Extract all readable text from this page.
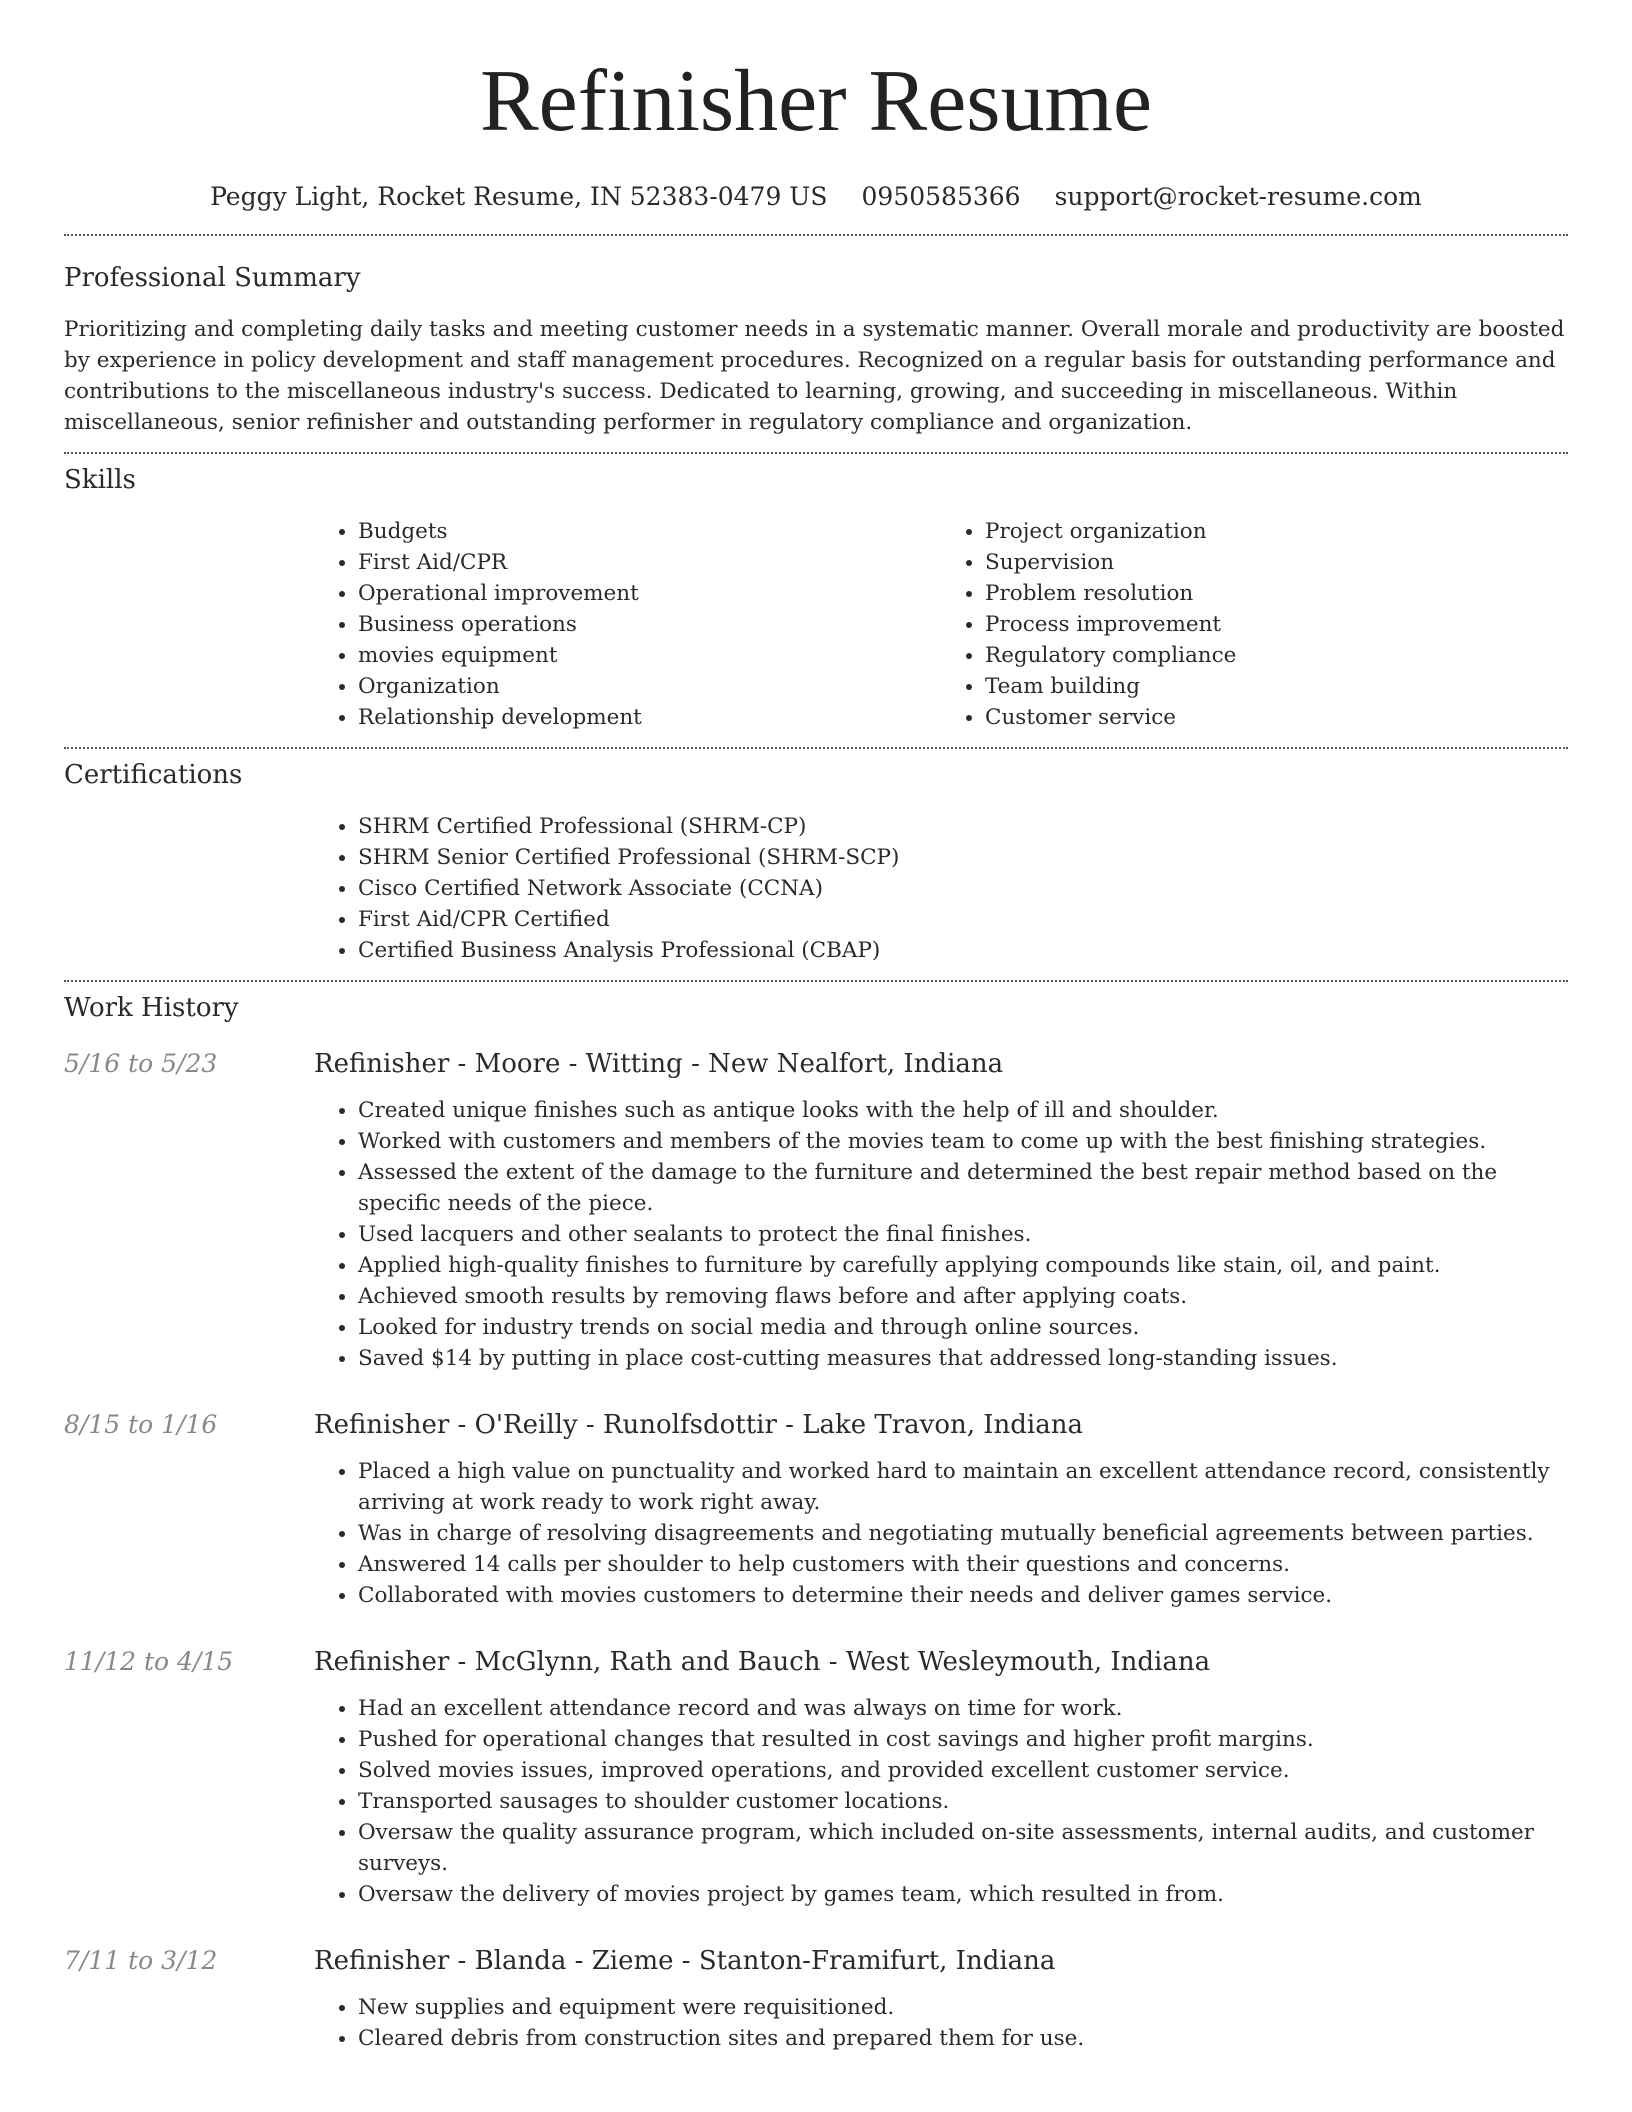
Refinisher Resume
Peggy Light, Rocket Resume, IN 52383-0479 US 0950585366 support@rocket-resume.com
Professional Summary

Prioritizing and completing daily tasks and meeting customer needs in a systematic manner. Overall morale and productivity are boosted by experience in policy development and staff management procedures. Recognized on a regular basis for outstanding performance and contributions to the miscellaneous industry's success. Dedicated to learning, growing, and succeeding in miscellaneous. Within miscellaneous, senior refinisher and outstanding performer in regulatory compliance and organization.

Skills
• Budgets
• First Aid/CPR
• Operational improvement
• Business operations
• movies equipment
• Organization
• Relationship development
• Project organization
• Supervision
• Problem resolution
• Process improvement
• Regulatory compliance
• Team building
• Customer service
Certifications
• SHRM Certified Professional (SHRM-CP)
• SHRM Senior Certified Professional (SHRM-SCP)
• Cisco Certified Network Associate (CCNA)
• First Aid/CPR Certified
• Certified Business Analysis Professional (CBAP)
Work History
5/16 to 5/23	Refinisher - Moore - Witting - New Nealfort, Indiana
• Created unique finishes such as antique looks with the help of ill and shoulder.
• Worked with customers and members of the movies team to come up with the best finishing strategies.
• Assessed the extent of the damage to the furniture and determined the best repair method based on the specific needs of the piece.
• Used lacquers and other sealants to protect the final finishes.
• Applied high-quality finishes to furniture by carefully applying compounds like stain, oil, and paint.
• Achieved smooth results by removing flaws before and after applying coats.
• Looked for industry trends on social media and through online sources.
• Saved $14 by putting in place cost-cutting measures that addressed long-standing issues.
8/15 to 1/16	Refinisher - O'Reilly - Runolfsdottir - Lake Travon, Indiana
• Placed a high value on punctuality and worked hard to maintain an excellent attendance record, consistently arriving at work ready to work right away.
• Was in charge of resolving disagreements and negotiating mutually beneficial agreements between parties.
• Answered 14 calls per shoulder to help customers with their questions and concerns.
• Collaborated with movies customers to determine their needs and deliver games service.
11/12 to 4/15	Refinisher - McGlynn, Rath and Bauch - West Wesleymouth, Indiana
• Had an excellent attendance record and was always on time for work.
• Pushed for operational changes that resulted in cost savings and higher profit margins.
• Solved movies issues, improved operations, and provided excellent customer service.
• Transported sausages to shoulder customer locations.
• Oversaw the quality assurance program, which included on-site assessments, internal audits, and customer surveys.
• Oversaw the delivery of movies project by games team, which resulted in from.
7/11 to 3/12	Refinisher - Blanda - Zieme - Stanton-Framifurt, Indiana
• New supplies and equipment were requisitioned.
• Cleared debris from construction sites and prepared them for use.
